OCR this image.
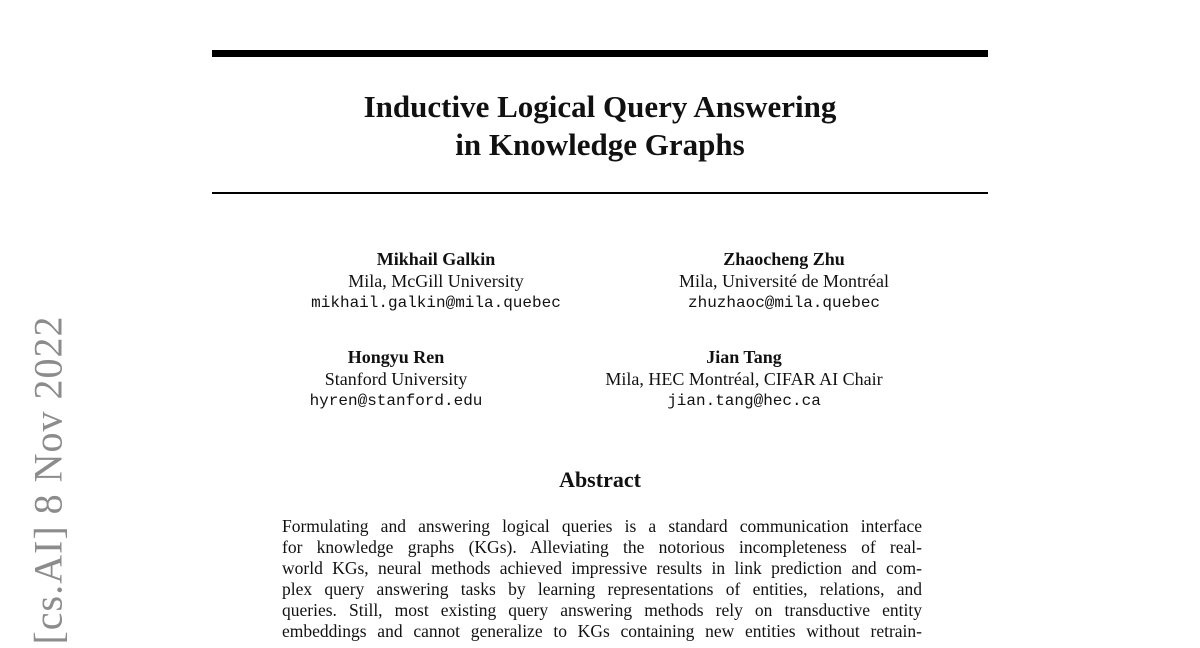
Inductive Logical Query Answering
in Knowledge Graphs
Mikhail Galkin
Mila, McGill University
mikhail.galkin@mila.quebec
Zhaocheng Zhu
Mila, Université de Montréal
zhuzhaoc@mila.quebec
Hongyu Ren
Stanford University
hyren@stanford.edu
Jian Tang
Mila, HEC Montréal, CIFAR AI Chair
jian.tang@hec.ca
Abstract
Formulating and answering logical queries is a standard communication interface
for knowledge graphs (KGs). Alleviating the notorious incompleteness of real-
world KGs, neural methods achieved impressive results in link prediction and com-
plex query answering tasks by learning representations of entities, relations, and
queries. Still, most existing query answering methods rely on transductive entity
embeddings and cannot generalize to KGs containing new entities without retrain-
[cs.AI] 8 Nov 2022
